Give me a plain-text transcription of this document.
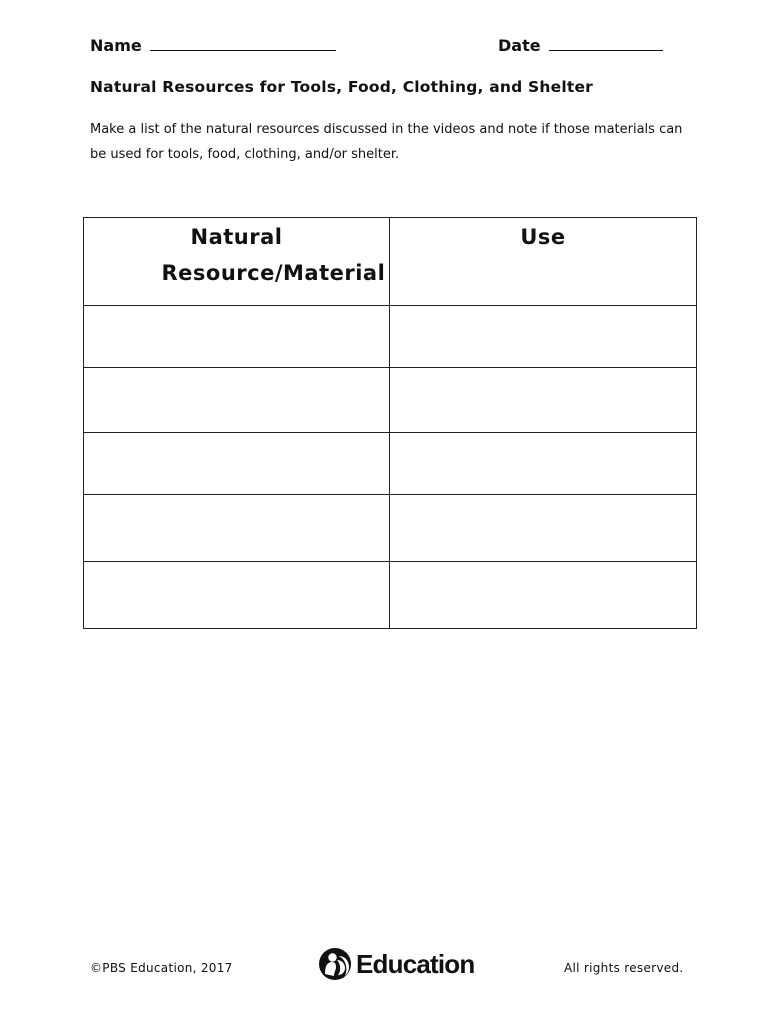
Name	Date
Natural Resources for Tools, Food, Clothing, and Shelter
Make a list of the natural resources discussed in the videos and note if those materials can be used for tools, food, clothing, and/or shelter.
Natural Resource/Material	Use

©PBS Education, 2017	Education	All rights reserved.
